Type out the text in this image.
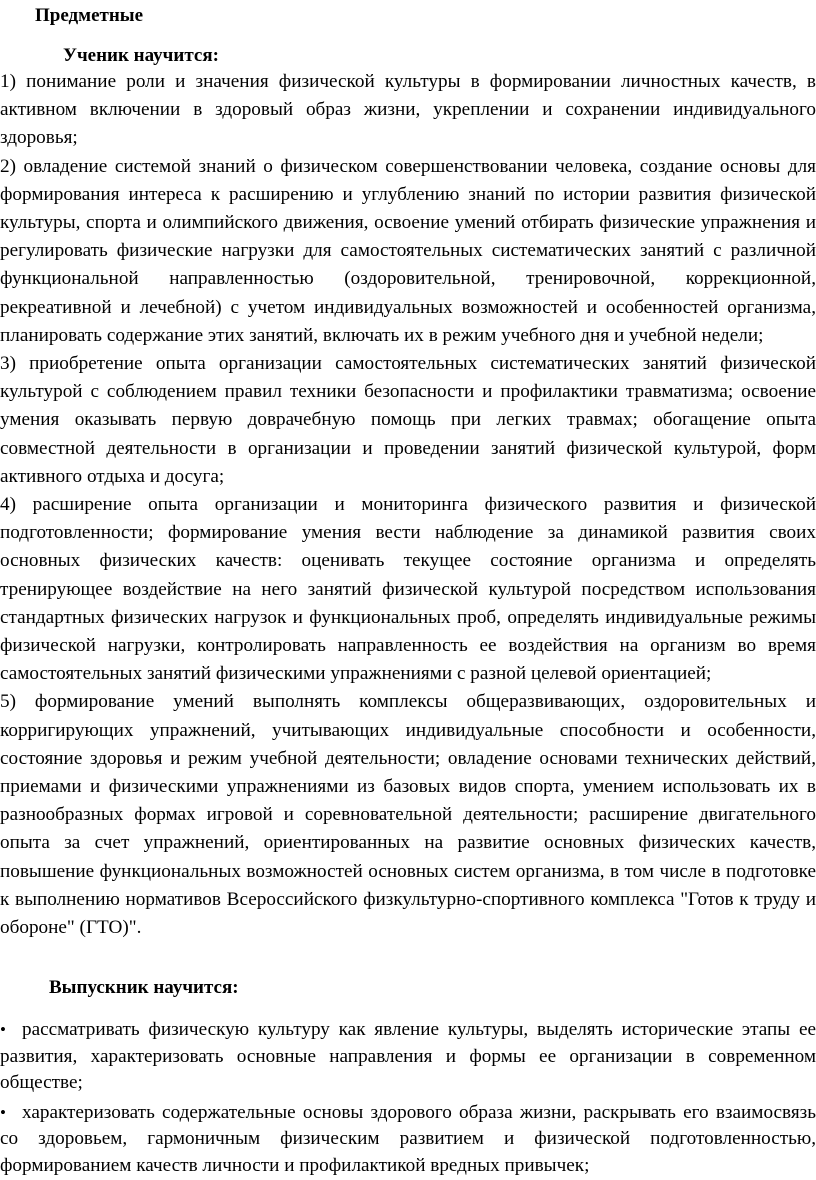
Предметные
Ученик научится:

1) понимание роли и значения физической культуры в формировании личностных качеств, в активном включении в здоровый образ жизни, укреплении и сохранении индивидуального здоровья;

2) овладение системой знаний о физическом совершенствовании человека, создание основы для формирования интереса к расширению и углублению знаний по истории развития физической культуры, спорта и олимпийского движения, освоение умений отбирать физические упражнения и регулировать физические нагрузки для самостоятельных систематических занятий с различной функциональной направленностью (оздоровительной, тренировочной, коррекционной, рекреативной и лечебной) с учетом индивидуальных возможностей и особенностей организма, планировать содержание этих занятий, включать их в режим учебного дня и учебной недели;

3) приобретение опыта организации самостоятельных систематических занятий физической культурой с соблюдением правил техники безопасности и профилактики травматизма; освоение умения оказывать первую доврачебную помощь при легких травмах; обогащение опыта совместной деятельности в организации и проведении занятий физической культурой, форм активного отдыха и досуга;

4) расширение опыта организации и мониторинга физического развития и физической подготовленности; формирование умения вести наблюдение за динамикой развития своих основных физических качеств: оценивать текущее состояние организма и определять тренирующее воздействие на него занятий физической культурой посредством использования стандартных физических нагрузок и функциональных проб, определять индивидуальные режимы физической нагрузки, контролировать направленность ее воздействия на организм во время самостоятельных занятий физическими упражнениями с разной целевой ориентацией;

5) формирование умений выполнять комплексы общеразвивающих, оздоровительных и корригирующих упражнений, учитывающих индивидуальные способности и особенности, состояние здоровья и режим учебной деятельности; овладение основами технических действий, приемами и физическими упражнениями из базовых видов спорта, умением использовать их в разнообразных формах игровой и соревновательной деятельности; расширение двигательного опыта за счет упражнений, ориентированных на развитие основных физических качеств, повышение функциональных возможностей основных систем организма, в том числе в подготовке к выполнению нормативов Всероссийского физкультурно-спортивного комплекса "Готов к труду и обороне" (ГТО)".

Выпускник научится:

• рассматривать физическую культуру как явление культуры, выделять исторические этапы ее развития, характеризовать основные направления и формы ее организации в современном обществе;

• характеризовать содержательные основы здорового образа жизни, раскрывать его взаимосвязь со здоровьем, гармоничным физическим развитием и физической подготовленностью, формированием качеств личности и профилактикой вредных привычек;
